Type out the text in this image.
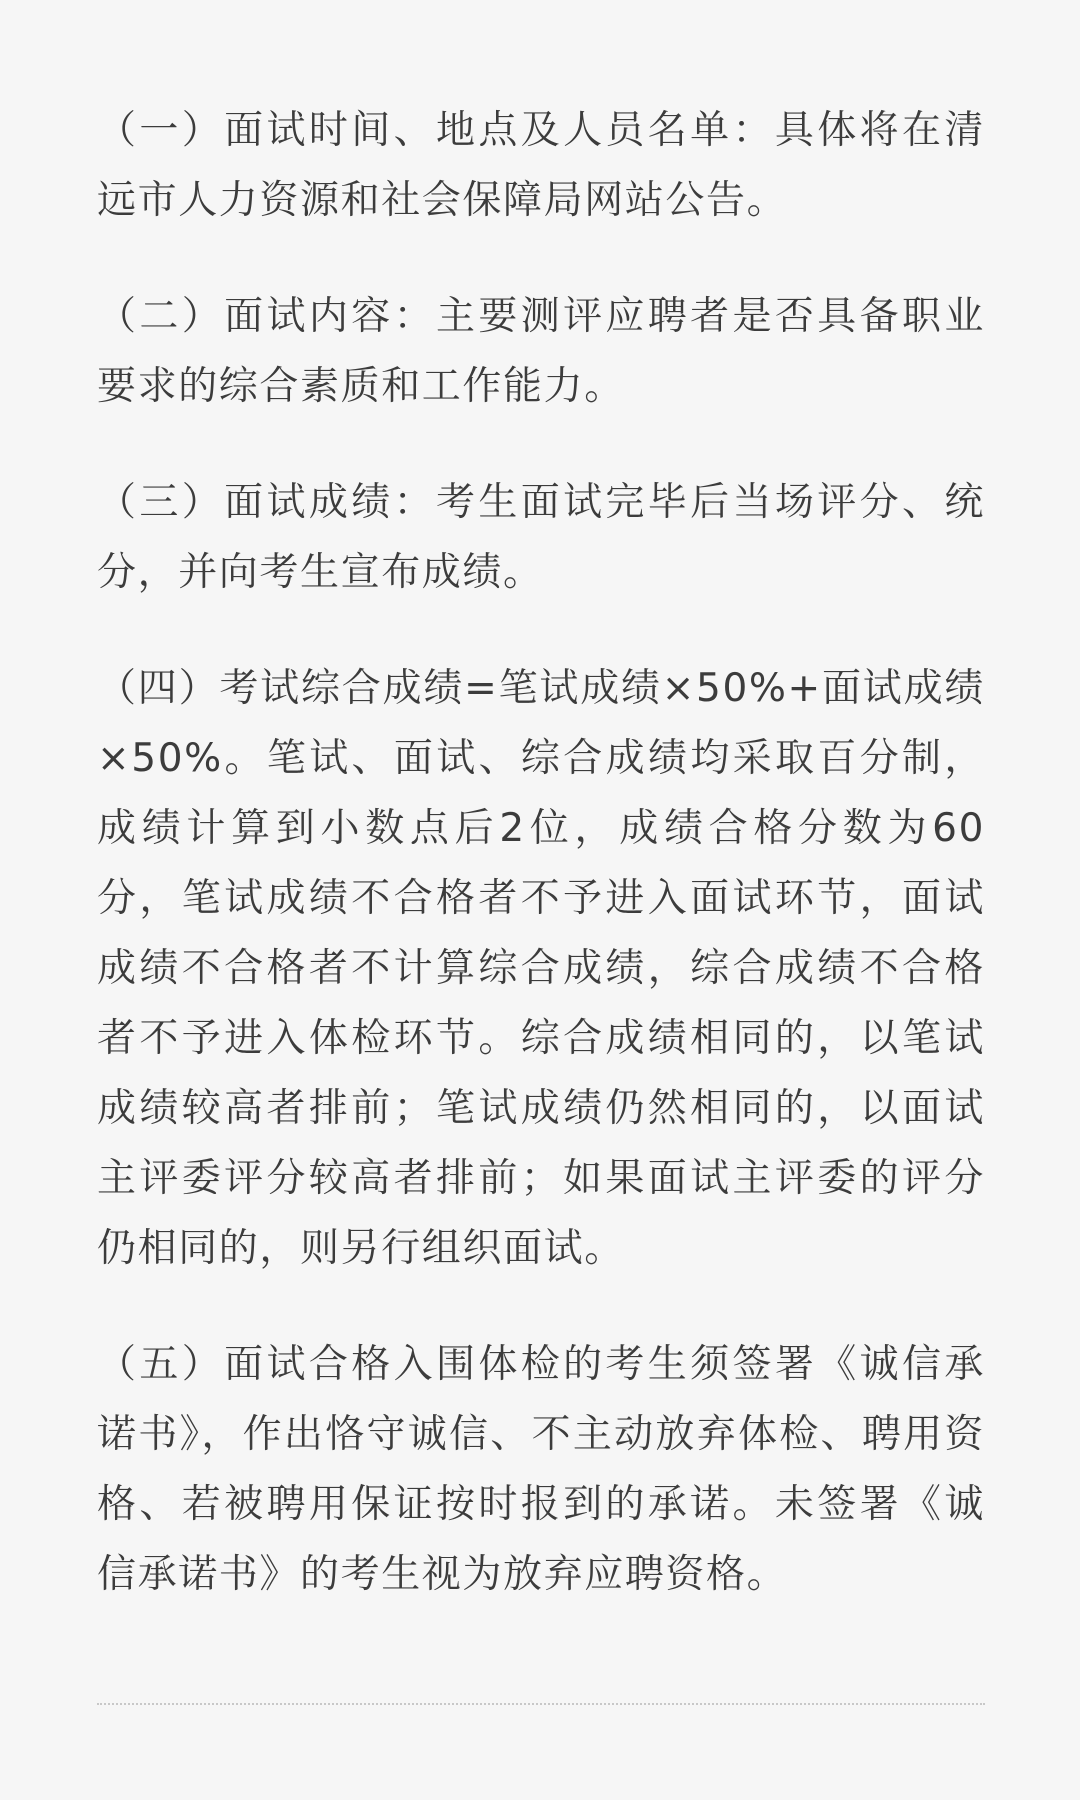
（一）面试时间、地点及人员名单：具体将在清远市人力资源和社会保障局网站公告。

（二）面试内容：主要测评应聘者是否具备职业要求的综合素质和工作能力。

（三）面试成绩：考生面试完毕后当场评分、统分，并向考生宣布成绩。

（四）考试综合成绩=笔试成绩×50%+面试成绩×50%。笔试、面试、综合成绩均采取百分制，成绩计算到小数点后2位，成绩合格分数为60分，笔试成绩不合格者不予进入面试环节，面试成绩不合格者不计算综合成绩，综合成绩不合格者不予进入体检环节。综合成绩相同的，以笔试成绩较高者排前；笔试成绩仍然相同的，以面试主评委评分较高者排前；如果面试主评委的评分仍相同的，则另行组织面试。

（五）面试合格入围体检的考生须签署《诚信承诺书》，作出恪守诚信、不主动放弃体检、聘用资格、若被聘用保证按时报到的承诺。未签署《诚信承诺书》的考生视为放弃应聘资格。
